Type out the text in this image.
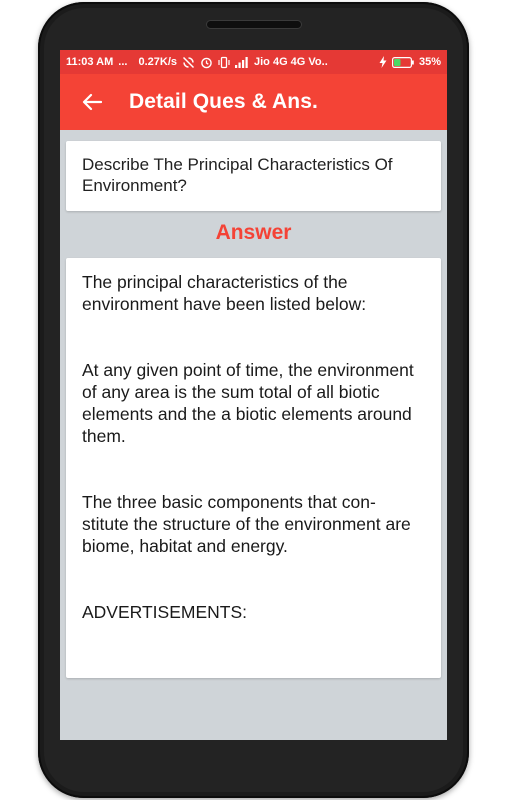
11:03 AM ... 0.27K/s	Jio 4G 4G Vo..	35%
Detail Ques & Ans.
Describe The Principal Characteristics Of Environment?
Answer
The principal characteristics of the environment have been listed below:
At any given point of time, the environment of any area is the sum total of all biotic elements and the a biotic elements around them.
The three basic components that con-
stitute the structure of the environment are biome, habitat and energy.
ADVERTISEMENTS:
